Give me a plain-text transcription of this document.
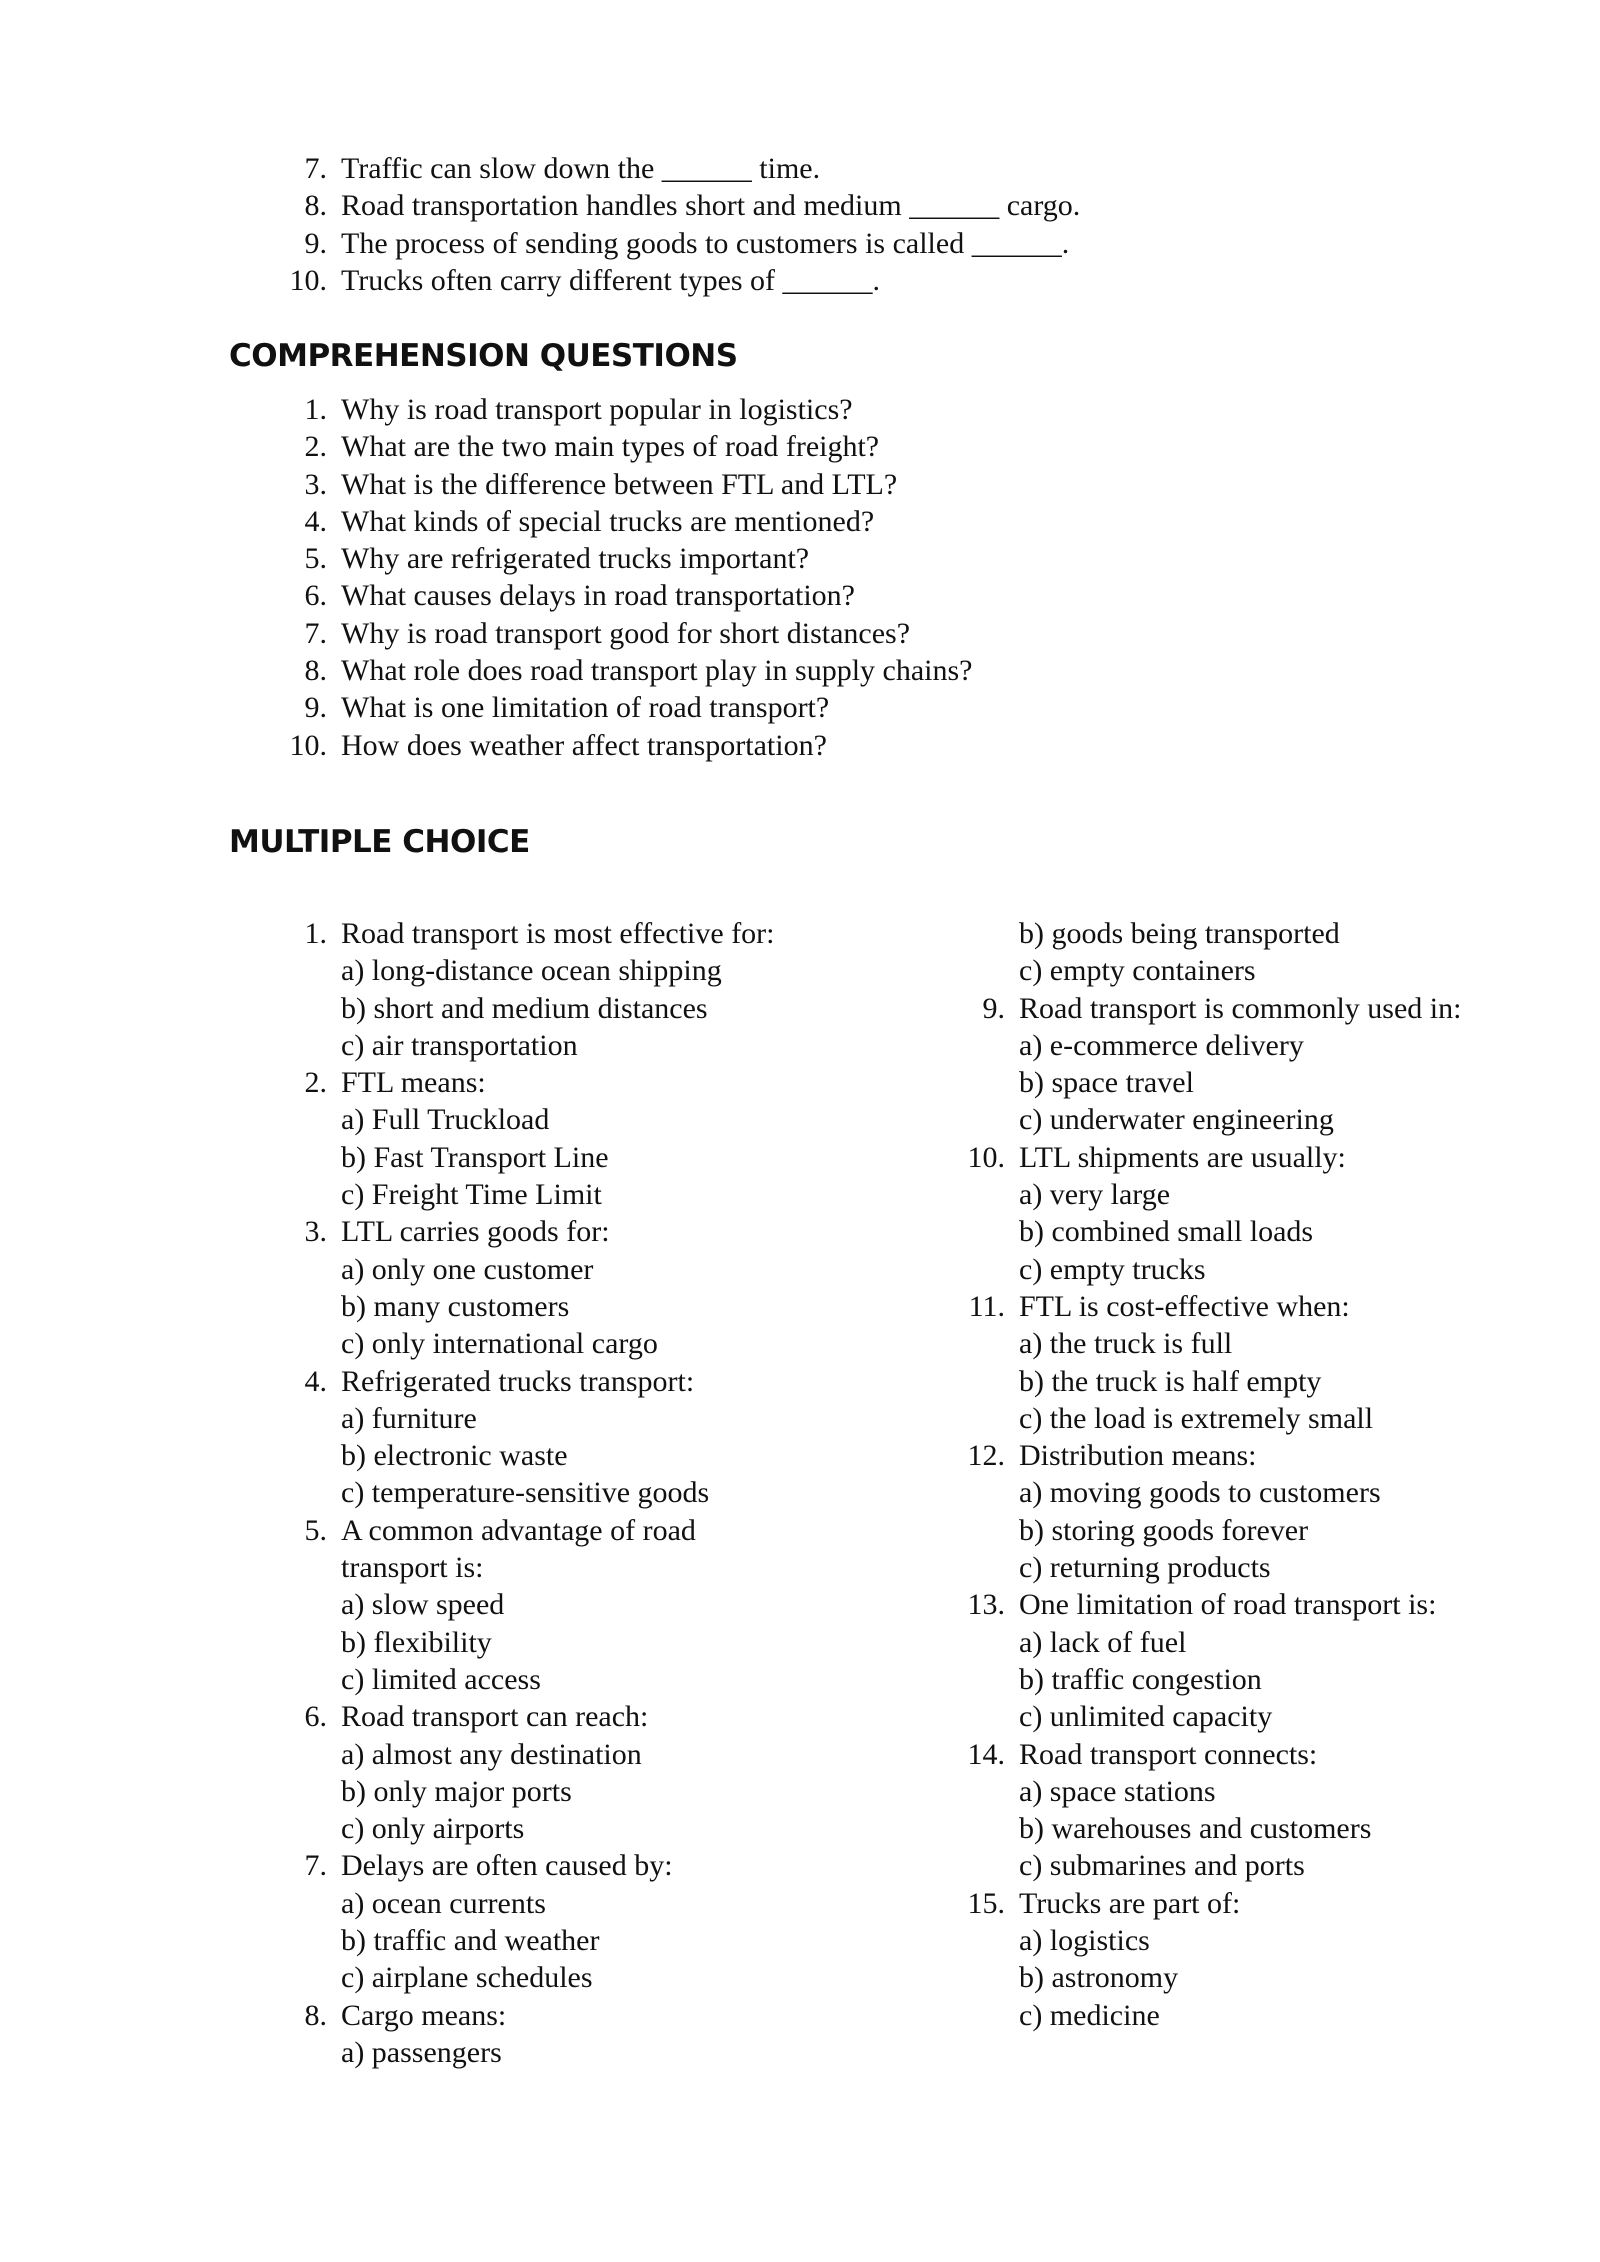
7. Traffic can slow down the ______ time.
8. Road transportation handles short and medium ______ cargo.
9. The process of sending goods to customers is called ______.
10. Trucks often carry different types of ______.
COMPREHENSION QUESTIONS
1. Why is road transport popular in logistics?
2. What are the two main types of road freight?
3. What is the difference between FTL and LTL?
4. What kinds of special trucks are mentioned?
5. Why are refrigerated trucks important?
6. What causes delays in road transportation?
7. Why is road transport good for short distances?
8. What role does road transport play in supply chains?
9. What is one limitation of road transport?
10. How does weather affect transportation?
MULTIPLE CHOICE
1. Road transport is most effective for:
a) long-distance ocean shipping
b) short and medium distances
c) air transportation
2. FTL means:
a) Full Truckload
b) Fast Transport Line
c) Freight Time Limit
3. LTL carries goods for:
a) only one customer
b) many customers
c) only international cargo
4. Refrigerated trucks transport:
a) furniture
b) electronic waste
c) temperature-sensitive goods
5. A common advantage of road
transport is:
a) slow speed
b) flexibility
c) limited access
6. Road transport can reach:
a) almost any destination
b) only major ports
c) only airports
7. Delays are often caused by:
a) ocean currents
b) traffic and weather
c) airplane schedules
8. Cargo means:
a) passengers
b) goods being transported
c) empty containers
9. Road transport is commonly used in:
a) e-commerce delivery
b) space travel
c) underwater engineering
10. LTL shipments are usually:
a) very large
b) combined small loads
c) empty trucks
11. FTL is cost-effective when:
a) the truck is full
b) the truck is half empty
c) the load is extremely small
12. Distribution means:
a) moving goods to customers
b) storing goods forever
c) returning products
13. One limitation of road transport is:
a) lack of fuel
b) traffic congestion
c) unlimited capacity
14. Road transport connects:
a) space stations
b) warehouses and customers
c) submarines and ports
15. Trucks are part of:
a) logistics
b) astronomy
c) medicine
